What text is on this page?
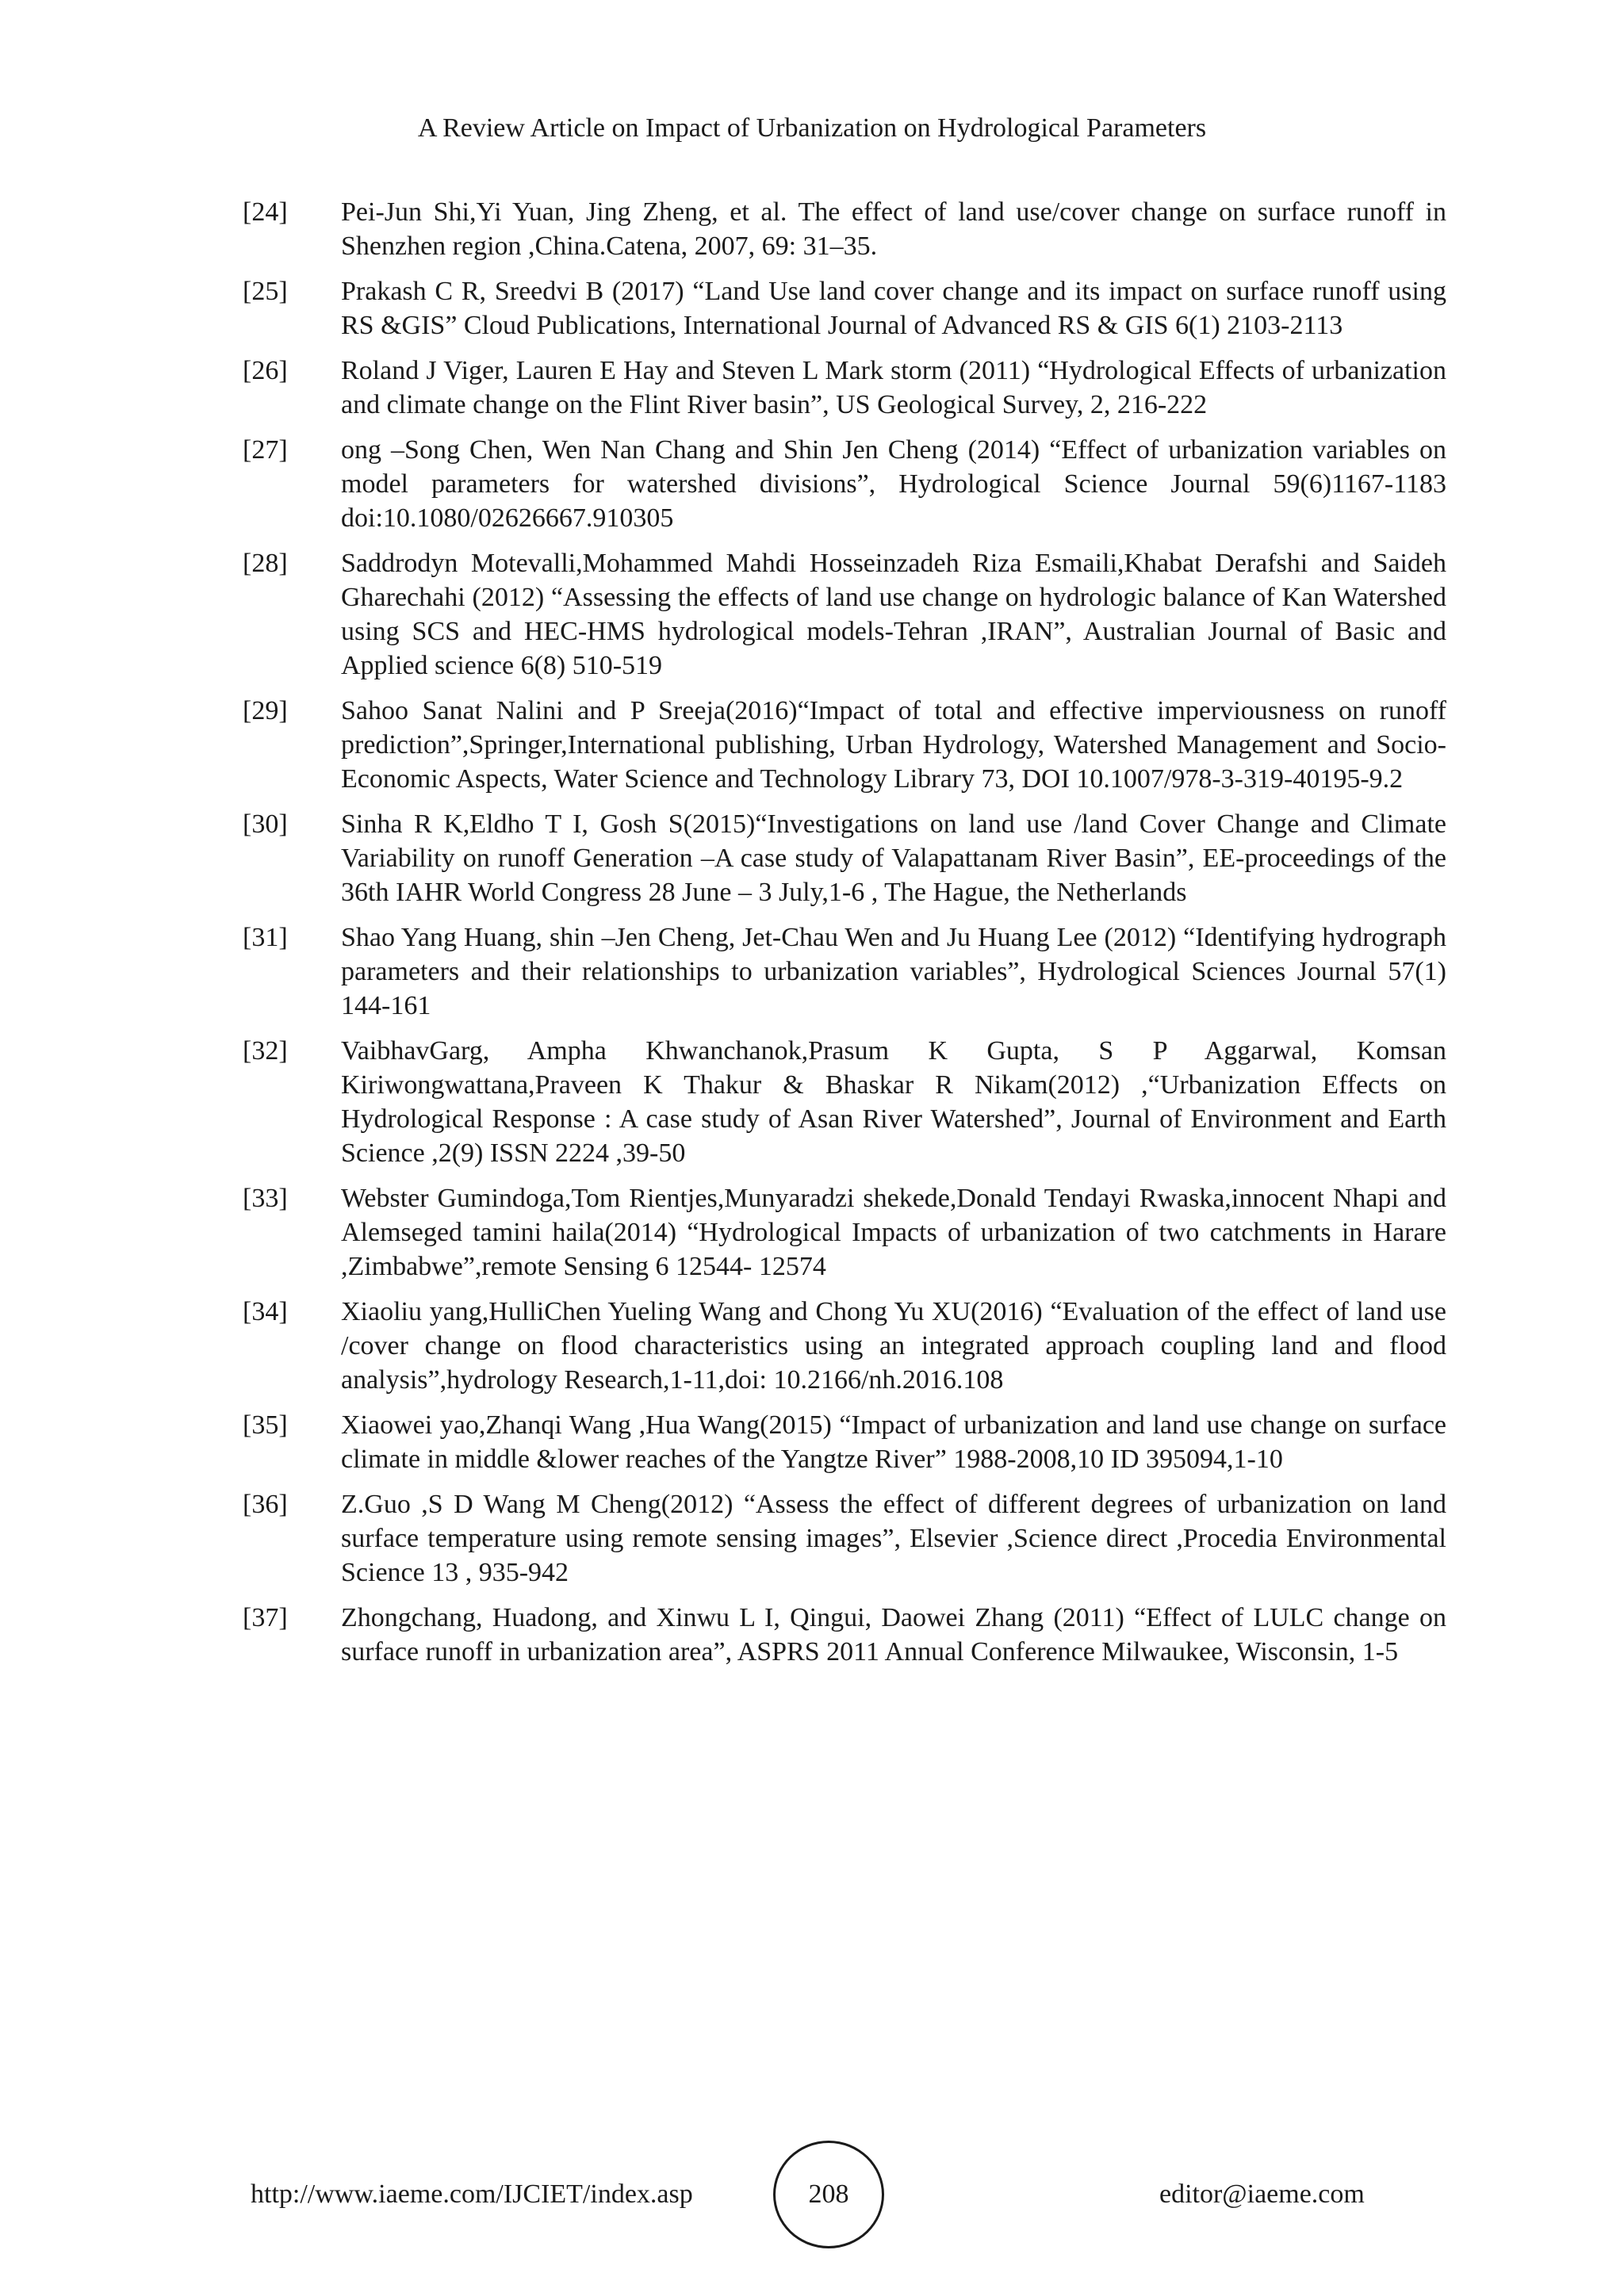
A Review Article on Impact of Urbanization on Hydrological Parameters
[24]	Pei-Jun Shi,Yi Yuan, Jing Zheng, et al. The effect of land use/cover change on surface runoff in Shenzhen region ,China.Catena, 2007, 69: 31–35.
[25]	Prakash C R, Sreedvi B (2017) “Land Use land cover change and its impact on surface runoff using RS &GIS” Cloud Publications, International Journal of Advanced RS & GIS 6(1) 2103-2113
[26]	Roland J Viger, Lauren E Hay and Steven L Mark storm (2011) “Hydrological Effects of urbanization and climate change on the Flint River basin”, US Geological Survey, 2, 216-222
[27]	ong –Song Chen, Wen Nan Chang and Shin Jen Cheng (2014) “Effect of urbanization variables on model parameters for watershed divisions”, Hydrological Science Journal 59(6)1167-1183 doi:10.1080/02626667.910305
[28]	Saddrodyn Motevalli,Mohammed Mahdi Hosseinzadeh Riza Esmaili,Khabat Derafshi and Saideh Gharechahi (2012) “Assessing the effects of land use change on hydrologic balance of Kan Watershed using SCS and HEC-HMS hydrological models-Tehran ,IRAN”, Australian Journal of Basic and Applied science 6(8) 510-519
[29]	Sahoo Sanat Nalini and P Sreeja(2016)“Impact of total and effective imperviousness on runoff prediction”,Springer,International publishing, Urban Hydrology, Watershed Management and Socio-Economic Aspects, Water Science and Technology Library 73, DOI 10.1007/978-3-319-40195-9.2
[30]	Sinha R K,Eldho T I, Gosh S(2015)“Investigations on land use /land Cover Change and Climate Variability on runoff Generation –A case study of Valapattanam River Basin”, EE-proceedings of the 36th IAHR World Congress 28 June – 3 July,1-6 , The Hague, the Netherlands
[31]	Shao Yang Huang, shin –Jen Cheng, Jet-Chau Wen and Ju Huang Lee (2012) “Identifying hydrograph parameters and their relationships to urbanization variables”, Hydrological Sciences Journal 57(1) 144-161
[32]	VaibhavGarg, Ampha Khwanchanok,Prasum K Gupta, S P Aggarwal, Komsan Kiriwongwattana,Praveen K Thakur & Bhaskar R Nikam(2012) ,“Urbanization Effects on Hydrological Response : A case study of Asan River Watershed”, Journal of Environment and Earth Science ,2(9) ISSN 2224 ,39-50
[33]	Webster Gumindoga,Tom Rientjes,Munyaradzi shekede,Donald Tendayi Rwaska,innocent Nhapi and Alemseged tamini haila(2014) “Hydrological Impacts of urbanization of two catchments in Harare ,Zimbabwe”,remote Sensing 6 12544- 12574
[34]	Xiaoliu yang,HulliChen Yueling Wang and Chong Yu XU(2016) “Evaluation of the effect of land use /cover change on flood characteristics using an integrated approach coupling land and flood analysis”,hydrology Research,1-11,doi: 10.2166/nh.2016.108
[35]	Xiaowei yao,Zhanqi Wang ,Hua Wang(2015) “Impact of urbanization and land use change on surface climate in middle &lower reaches of the Yangtze River” 1988-2008,10 ID 395094,1-10
[36]	Z.Guo ,S D Wang M Cheng(2012) “Assess the effect of different degrees of urbanization on land surface temperature using remote sensing images”, Elsevier ,Science direct ,Procedia Environmental Science 13 , 935-942
[37]	Zhongchang, Huadong, and Xinwu L I, Qingui, Daowei Zhang (2011) “Effect of LULC change on surface runoff in urbanization area”, ASPRS 2011 Annual Conference Milwaukee, Wisconsin, 1-5
http://www.iaeme.com/IJCIET/index.asp	208	editor@iaeme.com
